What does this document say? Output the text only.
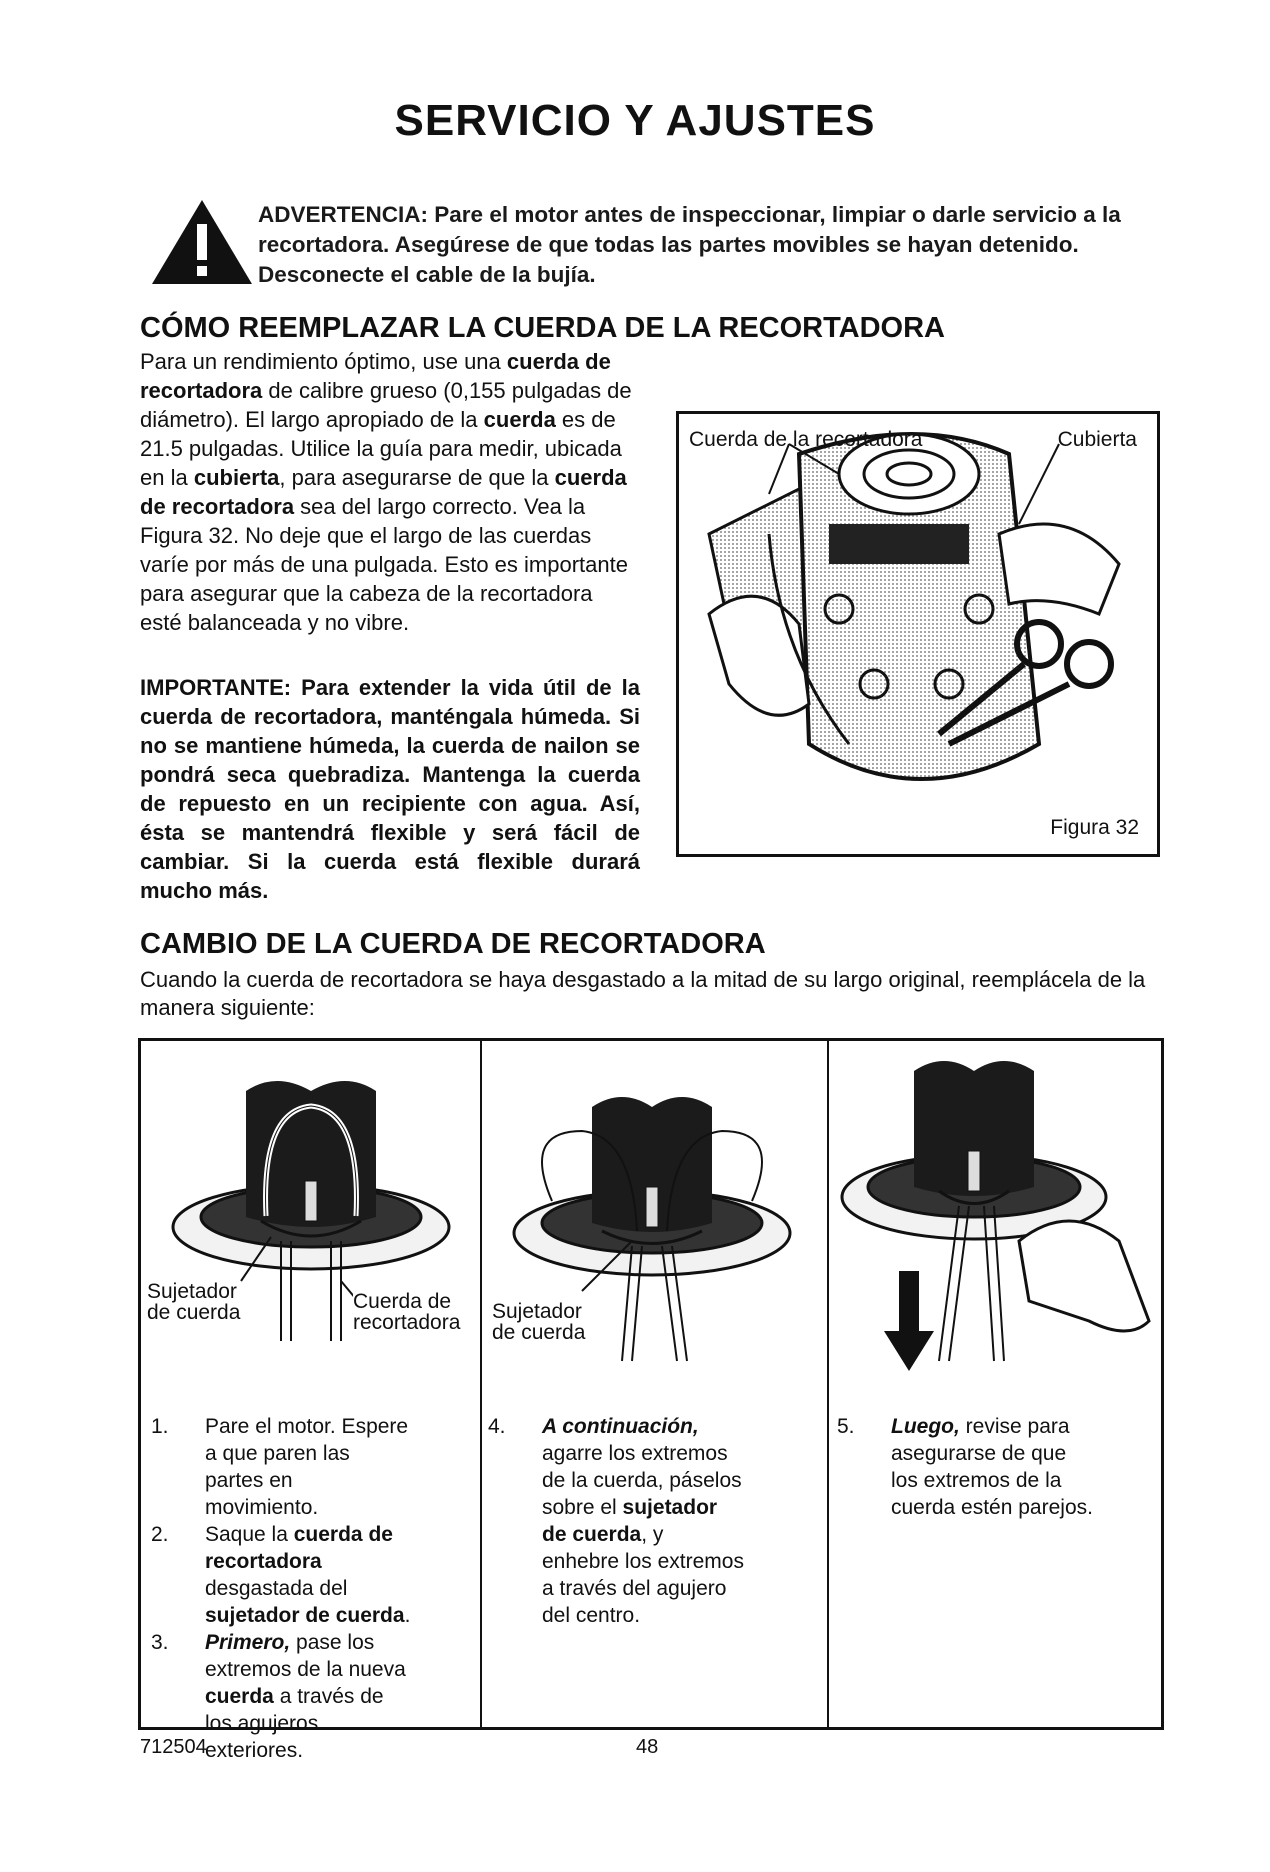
SERVICIO Y AJUSTES
ADVERTENCIA: Pare el motor antes de inspeccionar, limpiar o darle servicio a la recortadora. Asegúrese de que todas las partes movibles se hayan detenido. Desconecte el cable de la bujía.
CÓMO REEMPLAZAR LA CUERDA DE LA RECORTADORA
Para un rendimiento óptimo, use una cuerda de recortadora de calibre grueso (0,155 pulgadas de diámetro). El largo apropiado de la cuerda es de 21.5 pulgadas. Utilice la guía para medir, ubicada en la cubierta, para asegurarse de que la cuerda de recortadora sea del largo correcto. Vea la Figura 32. No deje que el largo de las cuerdas varíe por más de una pulgada. Esto es importante para asegurar que la cabeza de la recortadora esté balanceada y no vibre.
IMPORTANTE: Para extender la vida útil de la cuerda de recortadora, manténgala húmeda. Si no se mantiene húmeda, la cuerda de nailon se pondrá seca quebradiza. Mantenga la cuerda de repuesto en un recipiente con agua. Así, ésta se mantendrá flexible y será fácil de cambiar. Si la cuerda está flexible durará mucho más.
Cuerda de la recortadora	Cubierta
Figura 32
CAMBIO DE LA CUERDA DE RECORTADORA
Cuando la cuerda de recortadora se haya desgastado a la mitad de su largo original, reemplácela de la manera siguiente:
Sujetador
de cuerda	Cuerda de
recortadora
1. Pare el motor. Espere a que paren las partes en movimiento.
2. Saque la cuerda de recortadora desgastada del sujetador de cuerda.
3. Primero, pase los extremos de la nueva cuerda a través de los agujeros exteriores.
Sujetador
de cuerda
4. A continuación, agarre los extremos de la cuerda, páselos sobre el sujetador de cuerda, y enhebre los extremos a través del agujero del centro.
5. Luego, revise para asegurarse de que los extremos de la cuerda estén parejos.
712504	48
